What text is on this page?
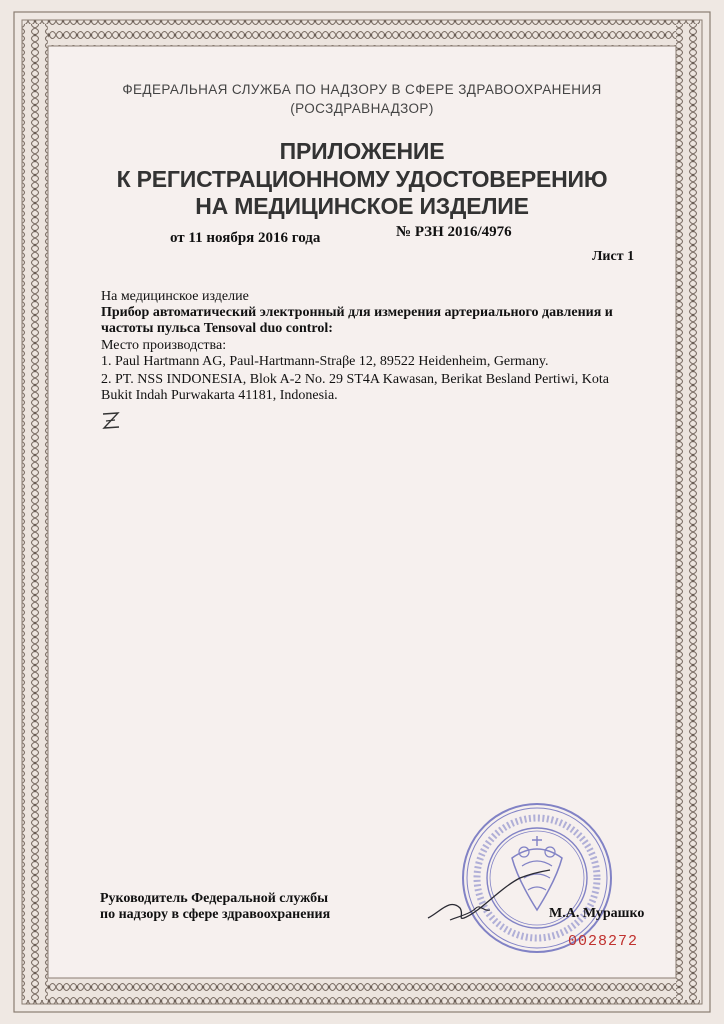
ФЕДЕРАЛЬНАЯ СЛУЖБА ПО НАДЗОРУ В СФЕРЕ ЗДРАВООХРАНЕНИЯ
(РОСЗДРАВНАДЗОР)
ПРИЛОЖЕНИЕ
К РЕГИСТРАЦИОННОМУ УДОСТОВЕРЕНИЮ
НА МЕДИЦИНСКОЕ ИЗДЕЛИЕ
от 11 ноября 2016 года	№ РЗН 2016/4976
Лист 1
На медицинское изделие
Прибор автоматический электронный для измерения артериального давления и
частоты пульса Tensoval duo control:
Место производства:
1. Paul Hartmann AG, Paul-Hartmann-Straβe 12, 89522 Heidenheim, Germany.
2. PT. NSS INDONESIA, Blok A-2 No. 29 ST4A Kawasan, Berikat Besland Pertiwi, Kota
Bukit Indah Purwakarta 41181, Indonesia.
Руководитель Федеральной службы
по надзору в сфере здравоохранения	М.А. Мурашко
0028272
